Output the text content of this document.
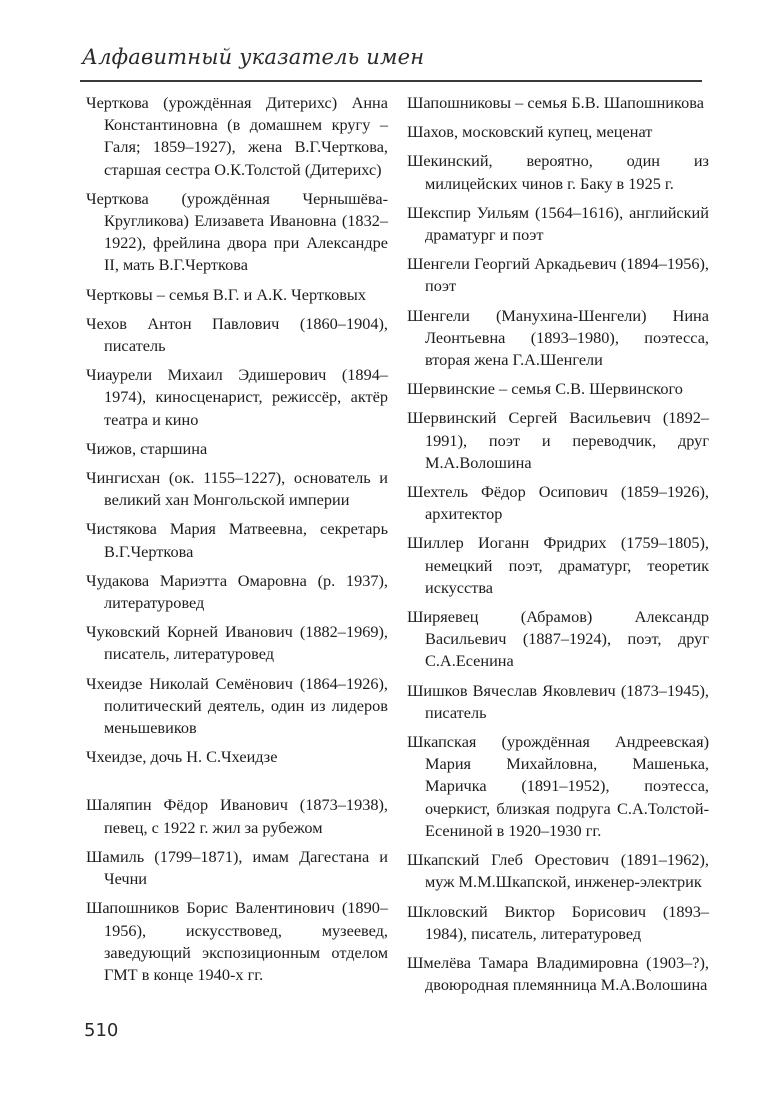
Алфавитный указатель имен

Черткова (урождённая Дитерихс) Анна Константиновна (в домашнем кругу – Галя; 1859–1927), жена В.Г.Черткова, старшая сестра О.К.Толстой (Дитерихс)

Черткова (урождённая Чернышёва-Кругликова) Елизавета Ивановна (1832–1922), фрейлина двора при Александре II, мать В.Г.Черткова

Чертковы – семья В.Г. и А.К. Чертковых

Чехов Антон Павлович (1860–1904), писатель

Чиаурели Михаил Эдишерович (1894–1974), киносценарист, режиссёр, актёр театра и кино

Чижов, старшина

Чингисхан (ок. 1155–1227), основатель и великий хан Монгольской империи

Чистякова Мария Матвеевна, секретарь В.Г.Черткова

Чудакова Мариэтта Омаровна (р. 1937), литературовед

Чуковский Корней Иванович (1882–1969), писатель, литературовед

Чхеидзе Николай Семёнович (1864–1926), политический деятель, один из лидеров меньшевиков

Чхеидзе, дочь Н. С.Чхеидзе

Шаляпин Фёдор Иванович (1873–1938), певец, с 1922 г. жил за рубежом

Шамиль (1799–1871), имам Дагестана и Чечни

Шапошников Борис Валентинович (1890–1956), искусствовед, музеевед, заведующий экспозиционным отделом ГМТ в конце 1940-х гг.

Шапошниковы – семья Б.В. Шапошникова

Шахов, московский купец, меценат

Шекинский, вероятно, один из милицейских чинов г. Баку в 1925 г.

Шекспир Уильям (1564–1616), английский драматург и поэт

Шенгели Георгий Аркадьевич (1894–1956), поэт

Шенгели (Манухина-Шенгели) Нина Леонтьевна (1893–1980), поэтесса, вторая жена Г.А.Шенгели

Шервинские – семья С.В. Шервинского

Шервинский Сергей Васильевич (1892–1991), поэт и переводчик, друг М.А.Волошина

Шехтель Фёдор Осипович (1859–1926), архитектор

Шиллер Иоганн Фридрих (1759–1805), немецкий поэт, драматург, теоретик искусства

Ширяевец (Абрамов) Александр Васильевич (1887–1924), поэт, друг С.А.Есенина

Шишков Вячеслав Яковлевич (1873–1945), писатель

Шкапская (урождённая Андреевская) Мария Михайловна, Машенька, Маричка (1891–1952), поэтесса, очеркист, близкая подруга С.А.Толстой-Есениной в 1920–1930 гг.

Шкапский Глеб Орестович (1891–1962), муж М.М.Шкапской, инженер-электрик

Шкловский Виктор Борисович (1893–1984), писатель, литературовед

Шмелёва Тамара Владимировна (1903–?), двоюродная племянница М.А.Волошина

510
